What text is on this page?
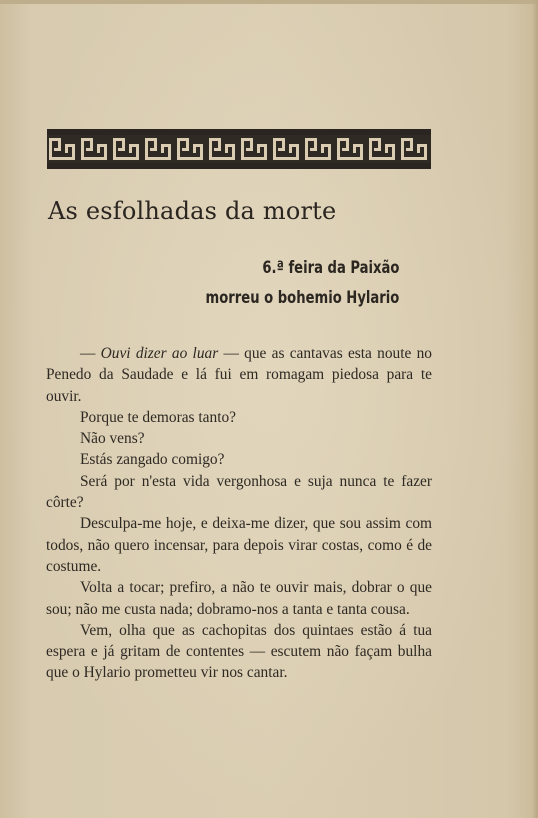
As esfolhadas da morte
6.ª feira da Paixão
morreu o bohemio Hylario

— Ouvi dizer ao luar — que as cantavas esta noute no Penedo da Saudade e lá fui em romagam piedosa para te ouvir.

Porque te demoras tanto?

Não vens?

Estás zangado comigo?

Será por n'esta vida vergonhosa e suja nunca te fazer côrte?

Desculpa-me hoje, e deixa-me dizer, que sou assim com todos, não quero incensar, para depois virar costas, como é de costume.

Volta a tocar; prefiro, a não te ouvir mais, dobrar o que sou; não me custa nada; dobramo-nos a tanta e tanta cousa.

Vem, olha que as cachopitas dos quintaes estão á tua espera e já gritam de contentes — escutem não façam bulha que o Hylario prometteu vir nos cantar.
